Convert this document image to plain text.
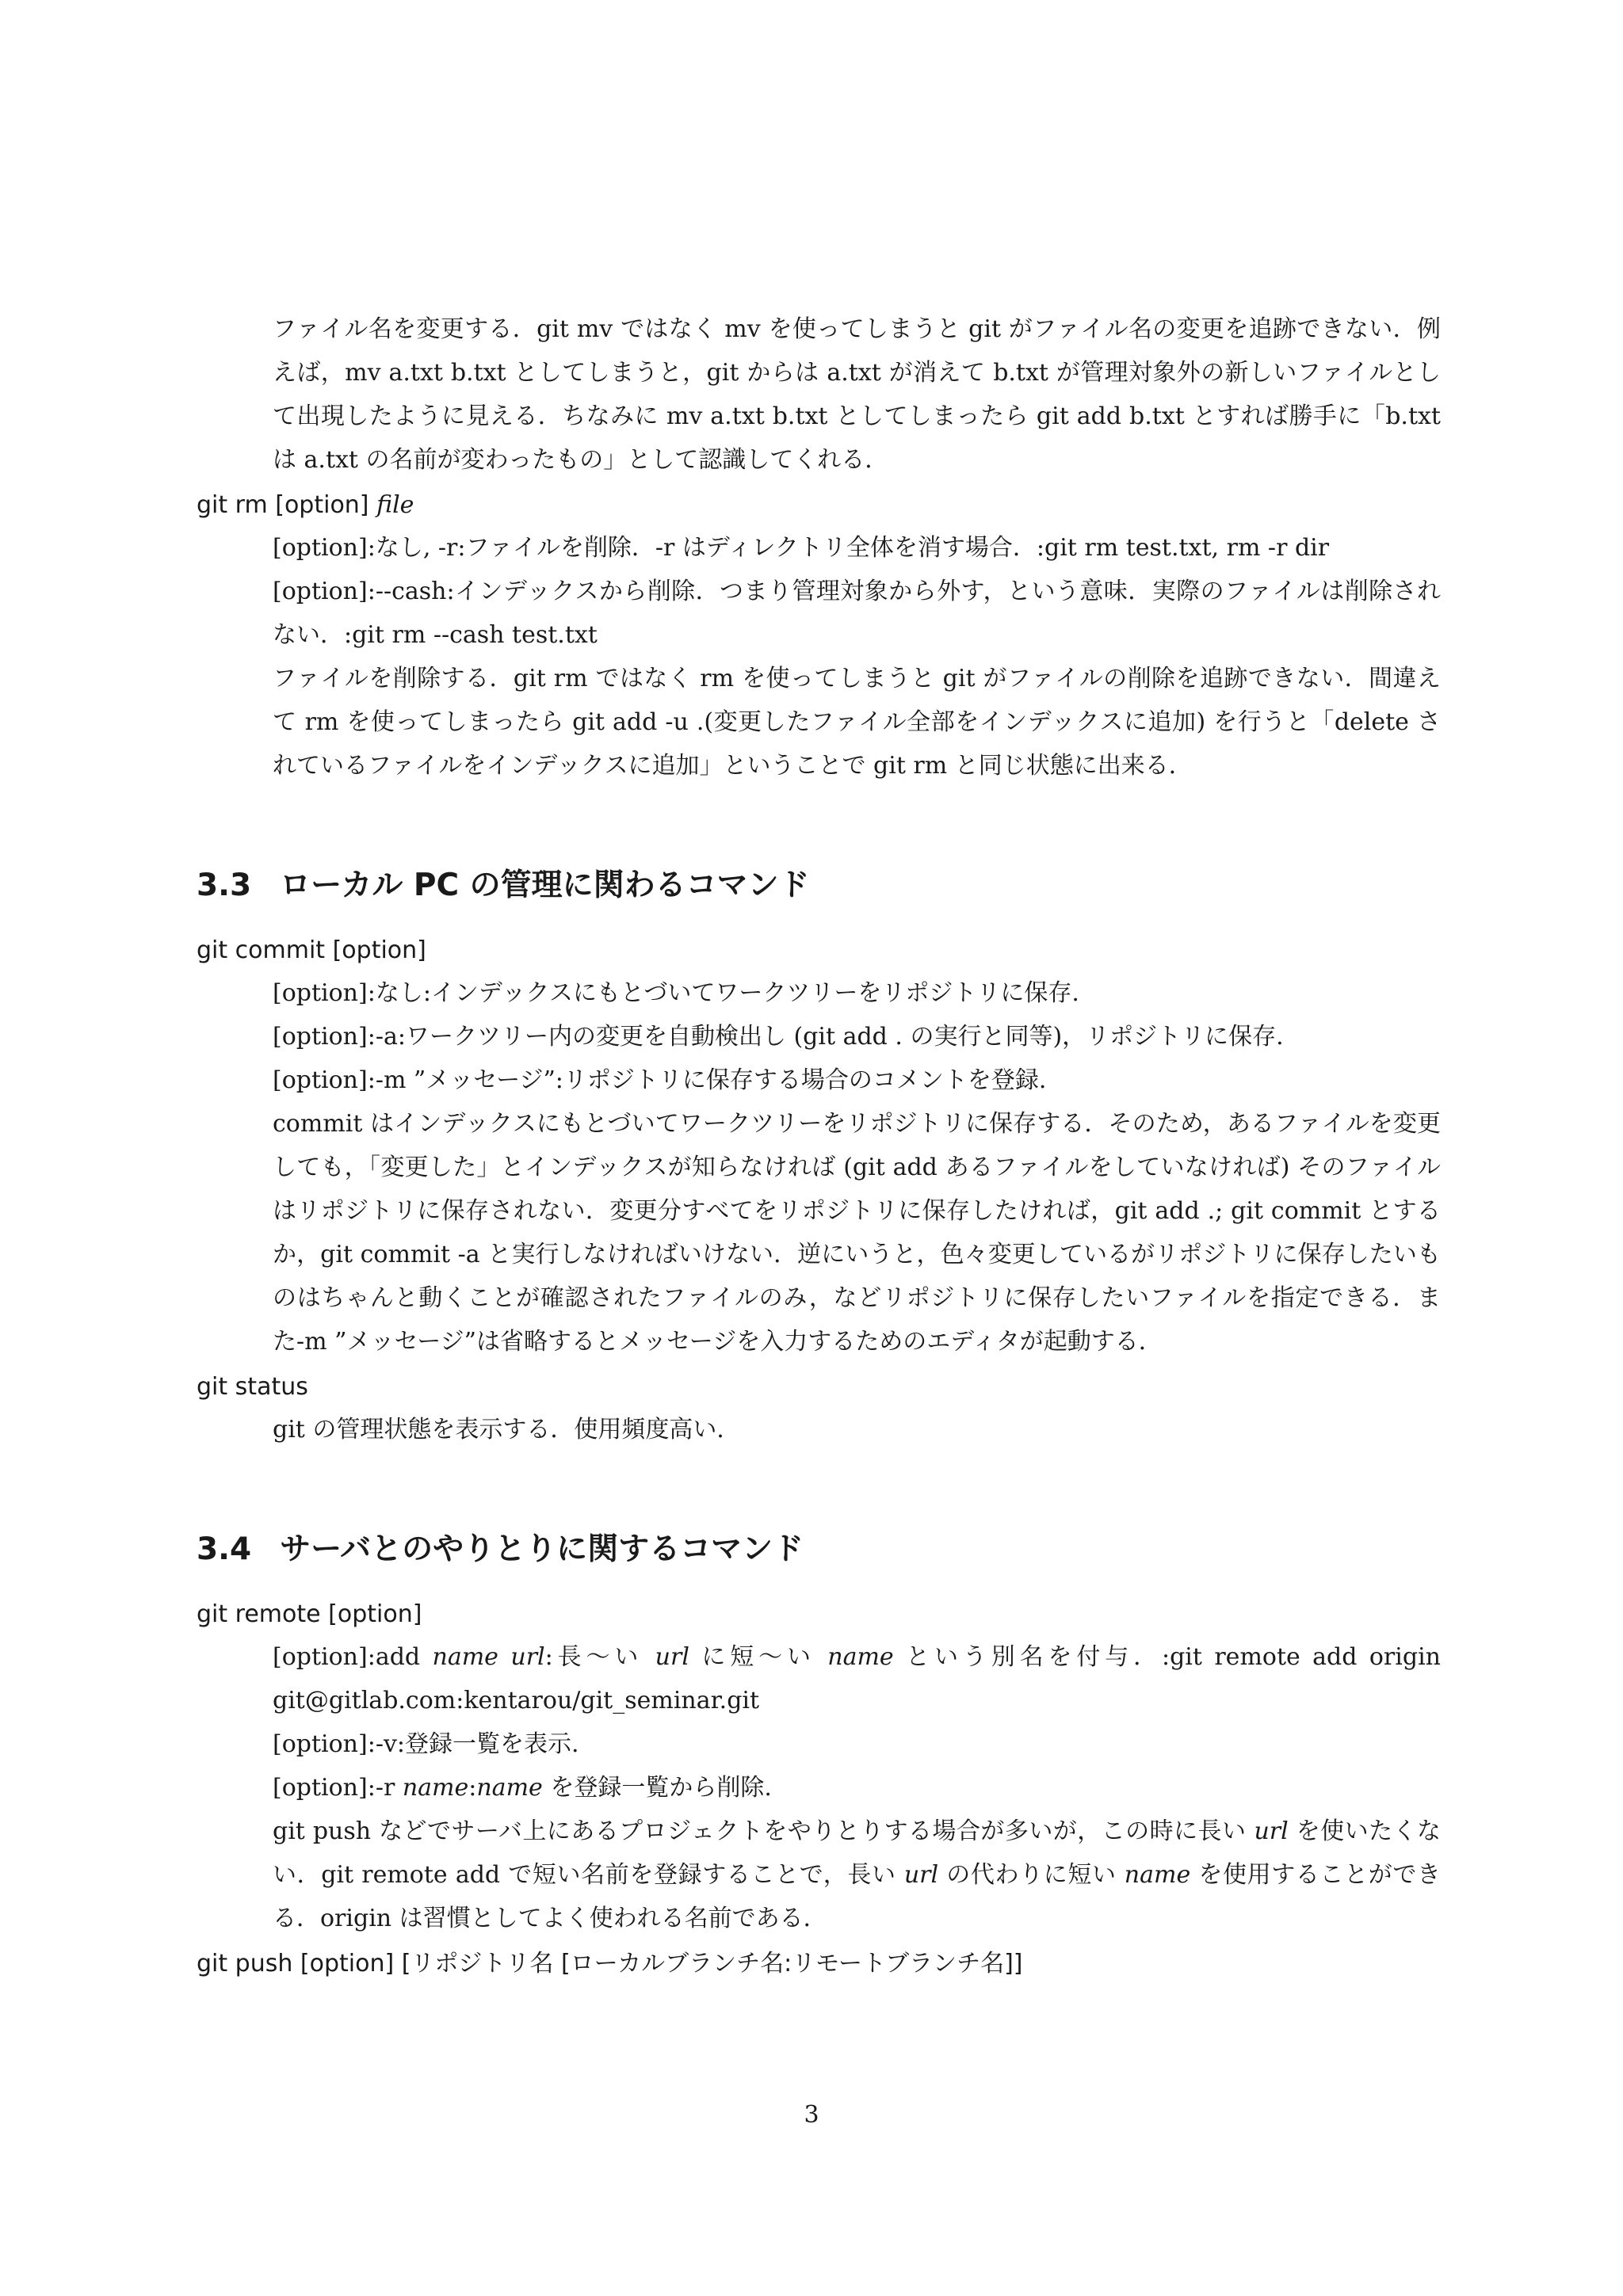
ファイル名を変更する．git mv ではなく mv を使ってしまうと git がファイル名の変更を追跡できない．例えば，mv a.txt b.txt としてしまうと，git からは a.txt が消えて b.txt が管理対象外の新しいファイルとして出現したように見える．ちなみに mv a.txt b.txt としてしまったら git add b.txt とすれば勝手に「b.txt は a.txt の名前が変わったもの」として認識してくれる．

git rm [option] file

[option]:なし, -r:ファイルを削除．-r はディレクトリ全体を消す場合．:git rm test.txt, rm -r dir

[option]:--cash:インデックスから削除．つまり管理対象から外す，という意味．実際のファイルは削除されない．:git rm --cash test.txt

ファイルを削除する．git rm ではなく rm を使ってしまうと git がファイルの削除を追跡できない．間違えて rm を使ってしまったら git add -u .(変更したファイル全部をインデックスに追加) を行うと「delete されているファイルをインデックスに追加」ということで git rm と同じ状態に出来る．

3.3 ローカル PC の管理に関わるコマンド
git commit [option]

[option]:なし:インデックスにもとづいてワークツリーをリポジトリに保存.

[option]:-a:ワークツリー内の変更を自動検出し (git add . の実行と同等)，リポジトリに保存.

[option]:-m ”メッセージ”:リポジトリに保存する場合のコメントを登録.

commit はインデックスにもとづいてワークツリーをリポジトリに保存する．そのため，あるファイルを変更しても，「変更した」とインデックスが知らなければ (git add あるファイルをしていなければ) そのファイルはリポジトリに保存されない．変更分すべてをリポジトリに保存したければ，git add .; git commit とするか，git commit -a と実行しなければいけない．逆にいうと，色々変更しているがリポジトリに保存したいものはちゃんと動くことが確認されたファイルのみ，などリポジトリに保存したいファイルを指定できる．また-m ”メッセージ”は省略するとメッセージを入力するためのエディタが起動する．

git status

git の管理状態を表示する．使用頻度高い．

3.4 サーバとのやりとりに関するコマンド
git remote [option]

[option]:add name url:長〜い url に短〜い name という別名を付与．:git remote add origin git@gitlab.com:kentarou/git_seminar.git

[option]:-v:登録一覧を表示.

[option]:-r name:name を登録一覧から削除.

git push などでサーバ上にあるプロジェクトをやりとりする場合が多いが，この時に長い url を使いたくない．git remote add で短い名前を登録することで，長い url の代わりに短い name を使用することができる．origin は習慣としてよく使われる名前である．

git push [option] [リポジトリ名 [ローカルブランチ名:リモートブランチ名]]
3
